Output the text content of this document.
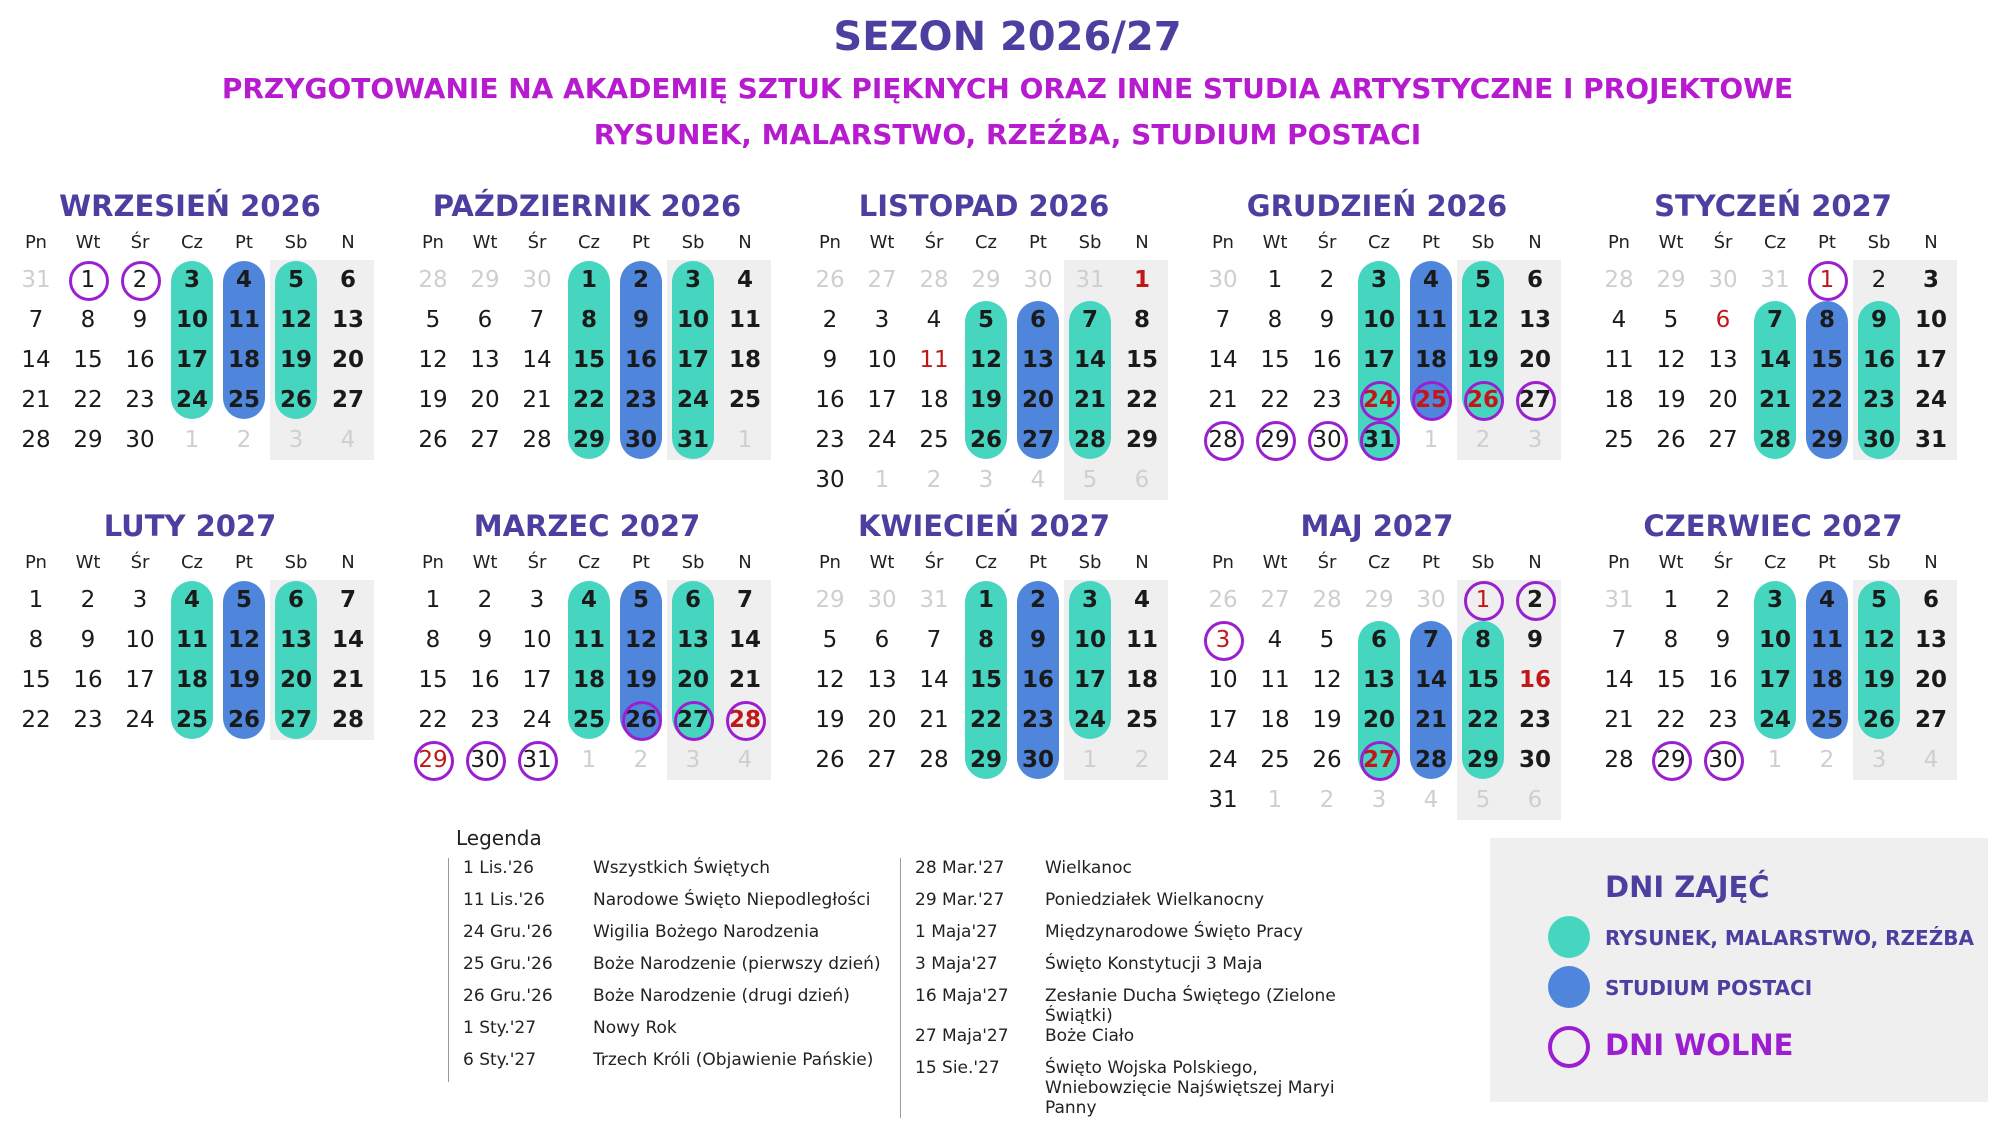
SEZON 2026/27
PRZYGOTOWANIE NA AKADEMIĘ SZTUK PIĘKNYCH ORAZ INNE STUDIA ARTYSTYCZNE I PROJEKTOWE
RYSUNEK, MALARSTWO, RZEŹBA, STUDIUM POSTACI
WRZESIEŃ 2026
Pn	Wt	Śr	Cz	Pt	Sb	N
31	1	2	3	4	5	6
7	8	9	10 11 12 13
14 15 16 17 18 19 20
21 22 23 24 25 26 27
28 29 30	1	2	3	4
PAŹDZIERNIK 2026
Pn	Wt	Śr	Cz	Pt	Sb	N
28 29 30	1	2	3	4
5	6	7	8	9	10 11
12 13 14 15 16 17 18
19 20 21 22 23 24 25
26 27 28 29 30 31	1
LISTOPAD 2026
Pn	Wt	Śr	Cz	Pt	Sb	N
26 27 28 29 30 31	1
2	3	4	5	6	7	8
9	10 11 12 13 14 15
16 17 18 19 20 21 22
23 24 25 26 27 28 29
30	1	2	3	4	5	6
GRUDZIEŃ 2026
Pn	Wt	Śr	Cz	Pt	Sb	N
30	1	2	3	4	5	6
7	8	9	10 11 12 13
14 15 16 17 18 19 20
21 22 23 24 25 26 27
28 29 30 31	1	2	3
STYCZEŃ 2027
Pn	Wt	Śr	Cz	Pt	Sb	N
28 29 30 31	1	2	3
4	5	6	7	8	9	10
11 12 13 14 15 16 17
18 19 20 21 22 23 24
25 26 27 28 29 30 31
LUTY 2027
Pn	Wt	Śr	Cz	Pt	Sb	N
1	2	3	4	5	6	7
8	9	10 11 12 13 14
15 16 17 18 19 20 21
22 23 24 25 26 27 28
MARZEC 2027
Pn	Wt	Śr	Cz	Pt	Sb	N
1	2	3	4	5	6	7
8	9	10 11 12 13 14
15 16 17 18 19 20 21
22 23 24 25 26 27 28
29 30 31	1	2	3	4
KWIECIEŃ 2027
Pn	Wt	Śr	Cz	Pt	Sb	N
29 30 31	1	2	3	4
5	6	7	8	9	10 11
12 13 14 15 16 17 18
19 20 21 22 23 24 25
26 27 28 29 30	1	2
MAJ 2027
Pn	Wt	Śr	Cz	Pt	Sb	N
26 27 28 29 30	1	2
3	4	5	6	7	8	9
10 11 12 13 14 15 16
17 18 19 20 21 22 23
24 25 26 27 28 29 30
31	1	2	3	4	5	6
CZERWIEC 2027
Pn	Wt	Śr	Cz	Pt	Sb	N
31	1	2	3	4	5	6
7	8	9	10 11 12 13
14 15 16 17 18 19 20
21 22 23 24 25 26 27
28 29 30	1	2	3	4
Legenda
1 Lis.'26	Wszystkich Świętych
11 Lis.'26	Narodowe Święto Niepodległości
24 Gru.'26	Wigilia Bożego Narodzenia
25 Gru.'26	Boże Narodzenie (pierwszy dzień)
26 Gru.'26	Boże Narodzenie (drugi dzień)
1 Sty.'27	Nowy Rok
6 Sty.'27	Trzech Króli (Objawienie Pańskie)
28 Mar.'27	Wielkanoc
29 Mar.'27	Poniedziałek Wielkanocny
1 Maja'27	Międzynarodowe Święto Pracy
3 Maja'27	Święto Konstytucji 3 Maja
16 Maja'27	Zesłanie Ducha Świętego (Zielone Świątki)
27 Maja'27	Boże Ciało
15 Sie.'27	Święto Wojska Polskiego, Wniebowzięcie Najświętszej Maryi Panny
DNI ZAJĘĆ
RYSUNEK, MALARSTWO, RZEŹBA
STUDIUM POSTACI
DNI WOLNE
